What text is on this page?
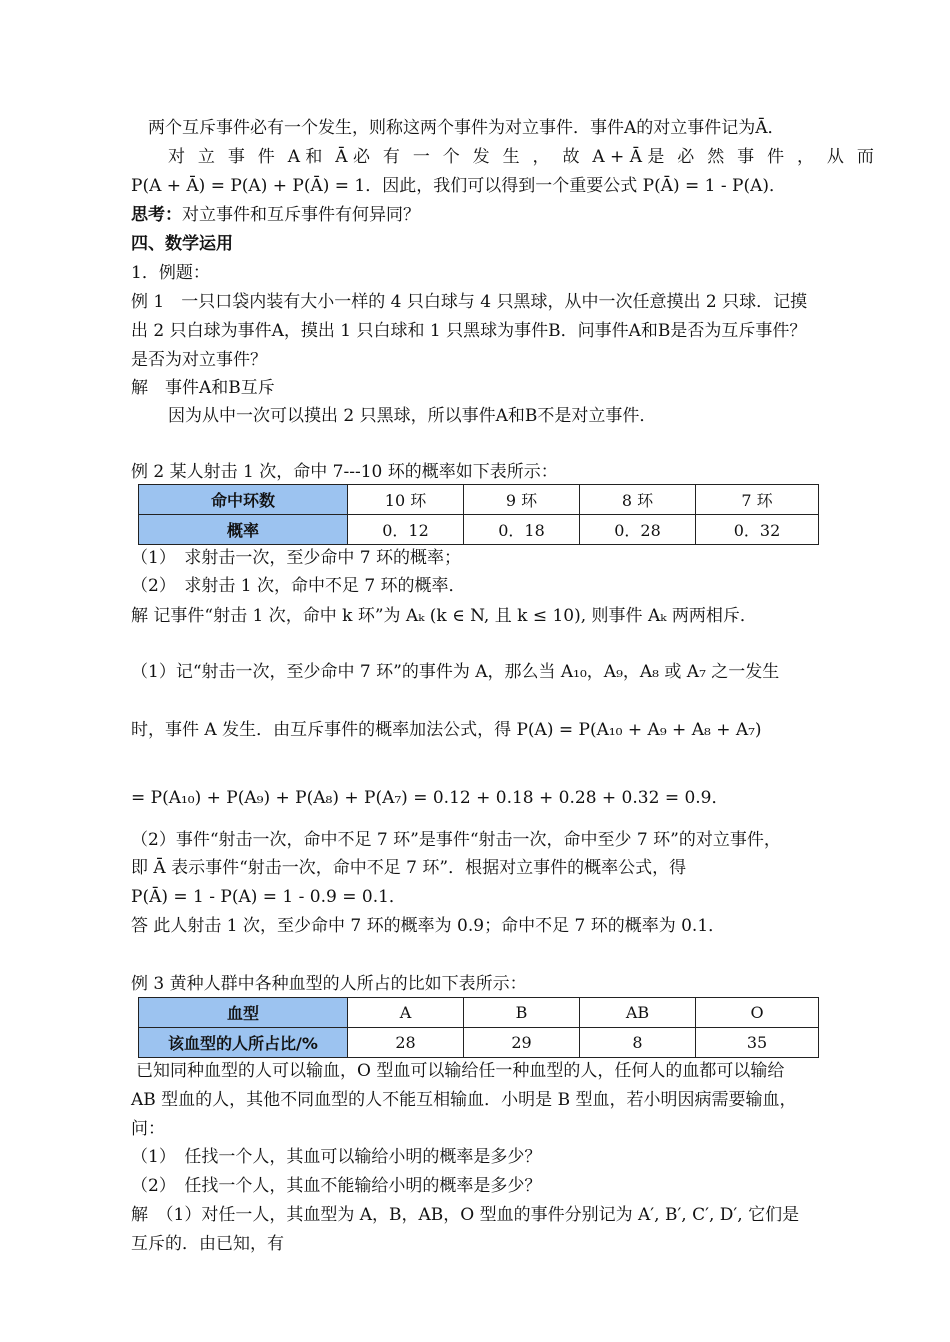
两个互斥事件必有一个发生，则称这两个事件为对立事件．事件A的对立事件记为Ā．
对 立 事 件 A 和 Ā 必 有 一 个 发 生 ， 故 A + Ā 是 必 然 事 件 ， 从 而
P(A + Ā) = P(A) + P(Ā) = 1．因此，我们可以得到一个重要公式 P(Ā) = 1 - P(A)．
思考：对立事件和互斥事件有何异同？
四、数学运用
1．例题：
例 1　一只口袋内装有大小一样的 4 只白球与 4 只黑球，从中一次任意摸出 2 只球．记摸
出 2 只白球为事件A，摸出 1 只白球和 1 只黑球为事件B．问事件A和B是否为互斥事件？
是否为对立事件？
解　事件A和B互斥
因为从中一次可以摸出 2 只黑球，所以事件A和B不是对立事件．
例 2 某人射击 1 次，命中 7---10 环的概率如下表所示：
命中环数	10 环	9 环	8 环	7 环
概率	0．12	0．18	0．28	0．32
（1）　求射击一次，至少命中 7 环的概率；
（2）　求射击 1 次，命中不足 7 环的概率．
解 记事件“射击 1 次，命中 k 环”为 Aₖ (k ∈ N, 且 k ≤ 10), 则事件 Aₖ 两两相斥．
（1）记“射击一次，至少命中 7 环”的事件为 A，那么当 A₁₀，A₉，A₈ 或 A₇ 之一发生
时，事件 A 发生．由互斥事件的概率加法公式，得 P(A) = P(A₁₀ + A₉ + A₈ + A₇)
= P(A₁₀) + P(A₉) + P(A₈) + P(A₇) = 0.12 + 0.18 + 0.28 + 0.32 = 0.9．
（2）事件“射击一次，命中不足 7 环”是事件“射击一次，命中至少 7 环”的对立事件，
即 Ā 表示事件“射击一次，命中不足 7 环”．根据对立事件的概率公式，得
P(Ā) = 1 - P(A) = 1 - 0.9 = 0.1．
答 此人射击 1 次，至少命中 7 环的概率为 0.9；命中不足 7 环的概率为 0.1．
例 3 黄种人群中各种血型的人所占的比如下表所示：
血型	A	B	AB	O
该血型的人所占比/%	28	29	8	35
已知同种血型的人可以输血，O 型血可以输给任一种血型的人，任何人的血都可以输给
AB 型血的人，其他不同血型的人不能互相输血．小明是 B 型血，若小明因病需要输血，
问：
（1）　任找一个人，其血可以输给小明的概率是多少？
（2）　任找一个人，其血不能输给小明的概率是多少？
解　（1）对任一人，其血型为 A，B，AB，O 型血的事件分别记为 A′, B′, C′, D′, 它们是
互斥的．由已知，有
